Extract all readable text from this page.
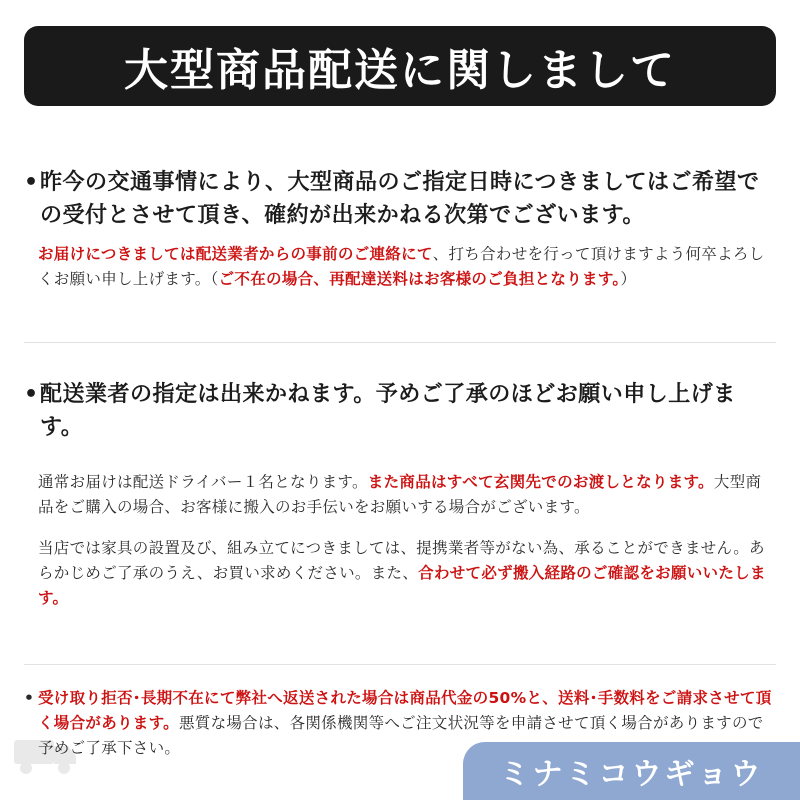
大型商品配送に関しまして

• 昨今の交通事情により、大型商品のご指定日時につきましてはご希望での受付とさせて頂き、確約が出来かねる次第でございます。

お届けにつきましては配送業者からの事前のご連絡にて、打ち合わせを行って頂けますよう何卒よろしくお願い申し上げます。（ご不在の場合、再配達送料はお客様のご負担となります。）

• 配送業者の指定は出来かねます。予めご了承のほどお願い申し上げます。

通常お届けは配送ドライバー１名となります。また商品はすべて玄関先でのお渡しとなります。大型商品をご購入の場合、お客様に搬入のお手伝いをお願いする場合がございます。

当店では家具の設置及び、組み立てにつきましては、提携業者等がない為、承ることができません。あらかじめご了承のうえ、お買い求めください。また、合わせて必ず搬入経路のご確認をお願いいたします。

• 受け取り拒否･長期不在にて弊社へ返送された場合は商品代金の50%と、送料･手数料をご請求させて頂く場合があります。悪質な場合は、各関係機関等へご注文状況等を申請させて頂く場合がありますので予めご了承下さい。

ミナミコウギョウ
